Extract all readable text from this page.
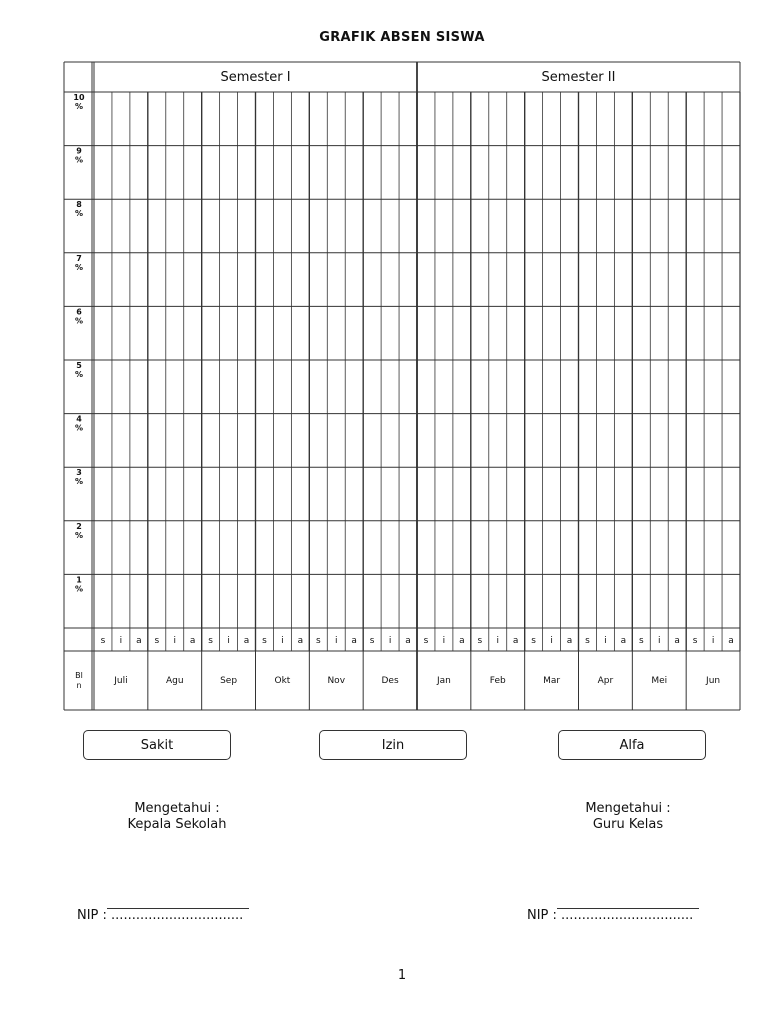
GRAFIK ABSEN SISWA
Semester I	Semester II
10
%
9
%
8
%
7
%
6
%
5
%
4
%
3
%
2
%
1
%
s i a s i a s i a s i a s i a s i a s i a s i a s i a s i a s i a s i a
Bl
n	Juli	Agu	Sep	Okt	Nov	Des	Jan	Feb	Mar	Apr	Mei	Jun
Sakit	Izin	Alfa
Mengetahui :
Kepala Sekolah
Mengetahui :
Guru Kelas
NIP : ................................	NIP : ................................
1
